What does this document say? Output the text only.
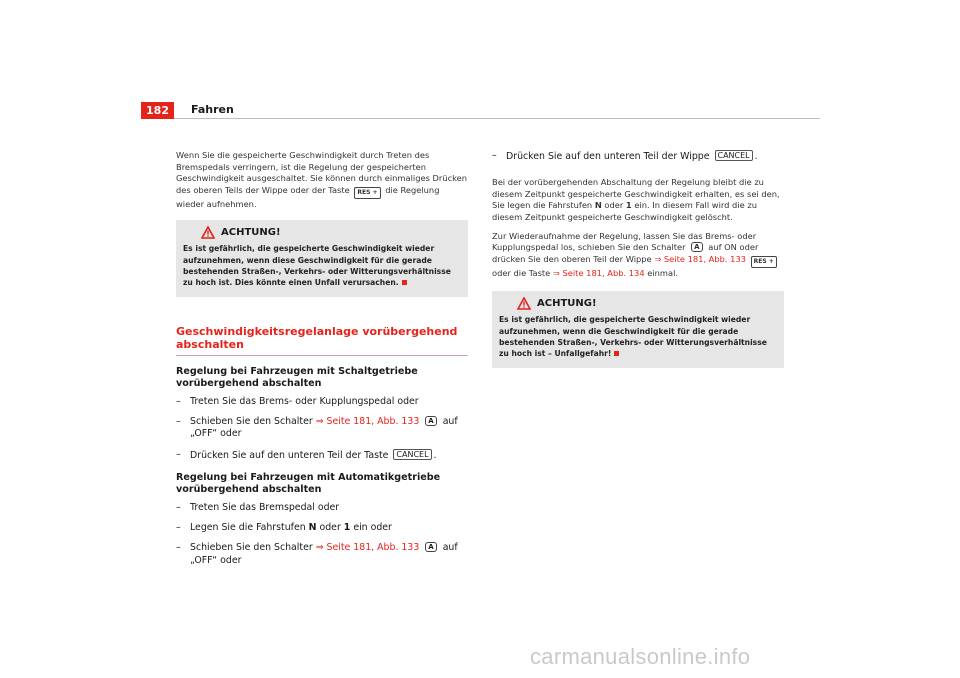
182	Fahren

Wenn Sie die gespeicherte Geschwindigkeit durch Treten des Bremspedals verringern, ist die Regelung der gespeicherten Geschwindigkeit ausgeschaltet. Sie können durch einmaliges Drücken des oberen Teils der Wippe oder der Taste RES + die Regelung wieder aufnehmen.

ACHTUNG!
Es ist gefährlich, die gespeicherte Geschwindigkeit wieder aufzunehmen, wenn diese Geschwindigkeit für die gerade bestehenden Straßen-, Verkehrs- oder Witterungsverhältnisse zu hoch ist. Dies könnte einen Unfall verursachen.
Geschwindigkeitsregelanlage vorübergehend abschalten
Regelung bei Fahrzeugen mit Schaltgetriebe vorübergehend abschalten
– Treten Sie das Brems- oder Kupplungspedal oder
– Schieben Sie den Schalter ⇒ Seite 181, Abb. 133 A auf „OFF“ oder
– Drücken Sie auf den unteren Teil der Taste CANCEL .
Regelung bei Fahrzeugen mit Automatikgetriebe vorübergehend abschalten
– Treten Sie das Bremspedal oder
– Legen Sie die Fahrstufen N oder 1 ein oder
– Schieben Sie den Schalter ⇒ Seite 181, Abb. 133 A auf „OFF“ oder
– Drücken Sie auf den unteren Teil der Wippe CANCEL .

Bei der vorübergehenden Abschaltung der Regelung bleibt die zu diesem Zeitpunkt gespeicherte Geschwindigkeit erhalten, es sei den, Sie legen die Fahrstufen N oder 1 ein. In diesem Fall wird die zu diesem Zeitpunkt gespeicherte Geschwindigkeit gelöscht.

Zur Wiederaufnahme der Regelung, lassen Sie das Brems- oder Kupplungspedal los, schieben Sie den Schalter A auf ON oder drücken Sie den oberen Teil der Wippe ⇒ Seite 181, Abb. 133 RES + oder die Taste ⇒ Seite 181, Abb. 134 einmal.

ACHTUNG!
Es ist gefährlich, die gespeicherte Geschwindigkeit wieder aufzunehmen, wenn die Geschwindigkeit für die gerade bestehenden Straßen-, Verkehrs- oder Witterungsverhältnisse zu hoch ist – Unfallgefahr!
carmanualsonline.info
